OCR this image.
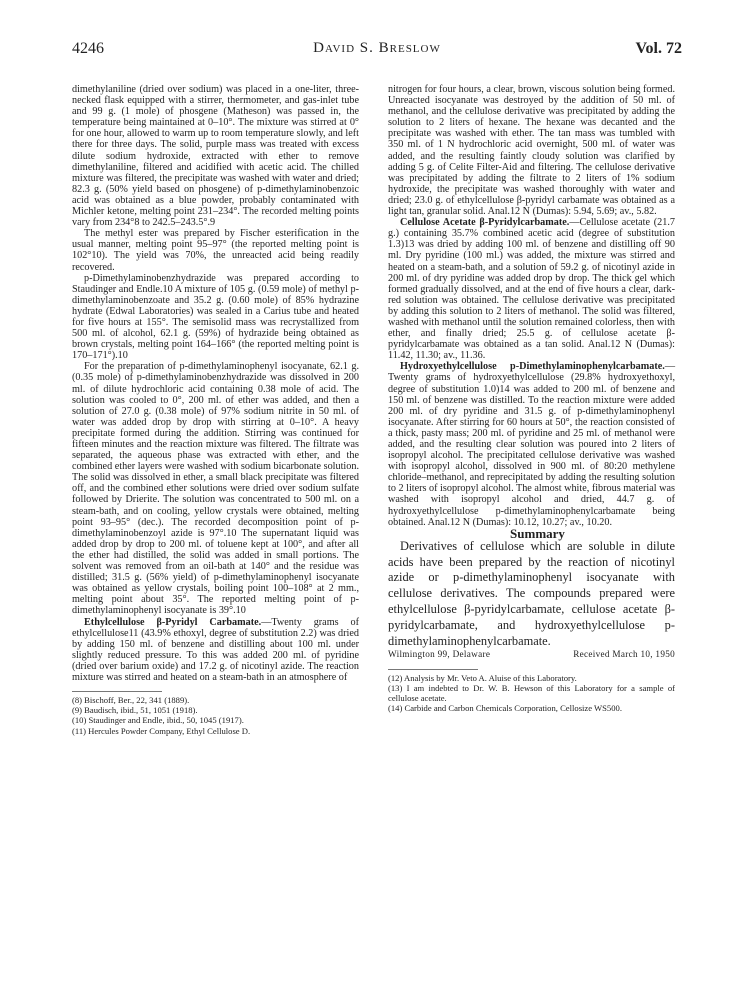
4246	David S. Breslow	Vol. 72

dimethylaniline (dried over sodium) was placed in a one-liter, three-necked flask equipped with a stirrer, thermometer, and gas-inlet tube and 99 g. (1 mole) of phosgene (Matheson) was passed in, the temperature being maintained at 0–10°. The mixture was stirred at 0° for one hour, allowed to warm up to room temperature slowly, and left there for three days. The solid, purple mass was treated with excess dilute sodium hydroxide, extracted with ether to remove dimethylaniline, filtered and acidified with acetic acid. The chilled mixture was filtered, the precipitate was washed with water and dried; 82.3 g. (50% yield based on phosgene) of p-dimethylaminobenzoic acid was obtained as a blue powder, probably contaminated with Michler ketone, melting point 231–234°. The recorded melting points vary from 234°8 to 242.5–243.5°.9

The methyl ester was prepared by Fischer esterification in the usual manner, melting point 95–97° (the reported melting point is 102°10). The yield was 70%, the unreacted acid being readily recovered.

p-Dimethylaminobenzhydrazide was prepared according to Staudinger and Endle.10 A mixture of 105 g. (0.59 mole) of methyl p-dimethylaminobenzoate and 35.2 g. (0.60 mole) of 85% hydrazine hydrate (Edwal Laboratories) was sealed in a Carius tube and heated for five hours at 155°. The semisolid mass was recrystallized from 500 ml. of alcohol, 62.1 g. (59%) of hydrazide being obtained as brown crystals, melting point 164–166° (the reported melting point is 170–171°).10

For the preparation of p-dimethylaminophenyl isocyanate, 62.1 g. (0.35 mole) of p-dimethylaminobenzhydrazide was dissolved in 200 ml. of dilute hydrochloric acid containing 0.38 mole of acid. The solution was cooled to 0°, 200 ml. of ether was added, and then a solution of 27.0 g. (0.38 mole) of 97% sodium nitrite in 50 ml. of water was added drop by drop with stirring at 0–10°. A heavy precipitate formed during the addition. Stirring was continued for fifteen minutes and the reaction mixture was filtered. The filtrate was separated, the aqueous phase was extracted with ether, and the combined ether layers were washed with sodium bicarbonate solution. The solid was dissolved in ether, a small black precipitate was filtered off, and the combined ether solutions were dried over sodium sulfate followed by Drierite. The solution was concentrated to 500 ml. on a steam-bath, and on cooling, yellow crystals were obtained, melting point 93–95° (dec.). The recorded decomposition point of p-dimethylaminobenzoyl azide is 97°.10 The supernatant liquid was added drop by drop to 200 ml. of toluene kept at 100°, and after all the ether had distilled, the solid was added in small portions. The solvent was removed from an oil-bath at 140° and the residue was distilled; 31.5 g. (56% yield) of p-dimethylaminophenyl isocyanate was obtained as yellow crystals, boiling point 100–108° at 2 mm., melting point about 35°. The reported melting point of p-dimethylaminophenyl isocyanate is 39°.10

Ethylcellulose β-Pyridyl Carbamate.—Twenty grams of ethylcellulose11 (43.9% ethoxyl, degree of substitution 2.2) was dried by adding 150 ml. of benzene and distilling about 100 ml. under slightly reduced pressure. To this was added 200 ml. of pyridine (dried over barium oxide) and 17.2 g. of nicotinyl azide. The reaction mixture was stirred and heated on a steam-bath in an atmosphere of

(8) Bischoff, Ber., 22, 341 (1889).

(9) Baudisch, ibid., 51, 1051 (1918).

(10) Staudinger and Endle, ibid., 50, 1045 (1917).

(11) Hercules Powder Company, Ethyl Cellulose D.

nitrogen for four hours, a clear, brown, viscous solution being formed. Unreacted isocyanate was destroyed by the addition of 50 ml. of methanol, and the cellulose derivative was precipitated by adding the solution to 2 liters of hexane. The hexane was decanted and the precipitate was washed with ether. The tan mass was tumbled with 350 ml. of 1 N hydrochloric acid overnight, 500 ml. of water was added, and the resulting faintly cloudy solution was clarified by adding 5 g. of Celite Filter-Aid and filtering. The cellulose derivative was precipitated by adding the filtrate to 2 liters of 1% sodium hydroxide, the precipitate was washed thoroughly with water and dried; 23.0 g. of ethylcellulose β-pyridyl carbamate was obtained as a light tan, granular solid. Anal.12 N (Dumas): 5.94, 5.69; av., 5.82.

Cellulose Acetate β-Pyridylcarbamate.—Cellulose acetate (21.7 g.) containing 35.7% combined acetic acid (degree of substitution 1.3)13 was dried by adding 100 ml. of benzene and distilling off 90 ml. Dry pyridine (100 ml.) was added, the mixture was stirred and heated on a steam-bath, and a solution of 59.2 g. of nicotinyl azide in 200 ml. of dry pyridine was added drop by drop. The thick gel which formed gradually dissolved, and at the end of five hours a clear, dark-red solution was obtained. The cellulose derivative was precipitated by adding this solution to 2 liters of methanol. The solid was filtered, washed with methanol until the solution remained colorless, then with ether, and finally dried; 25.5 g. of cellulose acetate β-pyridylcarbamate was obtained as a tan solid. Anal.12 N (Dumas): 11.42, 11.30; av., 11.36.

Hydroxyethylcellulose p-Dimethylaminophenylcarbamate.—Twenty grams of hydroxyethylcellulose (29.8% hydroxyethoxyl, degree of substitution 1.0)14 was added to 200 ml. of benzene and 150 ml. of benzene was distilled. To the reaction mixture were added 200 ml. of dry pyridine and 31.5 g. of p-dimethylaminophenyl isocyanate. After stirring for 60 hours at 50°, the reaction consisted of a thick, pasty mass; 200 ml. of pyridine and 25 ml. of methanol were added, and the resulting clear solution was poured into 2 liters of isopropyl alcohol. The precipitated cellulose derivative was washed with isopropyl alcohol, dissolved in 900 ml. of 80:20 methylene chloride–methanol, and reprecipitated by adding the resulting solution to 2 liters of isopropyl alcohol. The almost white, fibrous material was washed with isopropyl alcohol and dried, 44.7 g. of hydroxyethylcellulose p-dimethylaminophenylcarbamate being obtained. Anal.12 N (Dumas): 10.12, 10.27; av., 10.20.

Summary

Derivatives of cellulose which are soluble in dilute acids have been prepared by the reaction of nicotinyl azide or p-dimethylaminophenyl isocyanate with cellulose derivatives. The compounds prepared were ethylcellulose β-pyridylcarbamate, cellulose acetate β-pyridylcarbamate, and hydroxyethylcellulose p-dimethylaminophenylcarbamate.

Wilmington 99, Delaware	Received March 10, 1950

(12) Analysis by Mr. Veto A. Aluise of this Laboratory.

(13) I am indebted to Dr. W. B. Hewson of this Laboratory for a sample of cellulose acetate.

(14) Carbide and Carbon Chemicals Corporation, Cellosize WS500.
